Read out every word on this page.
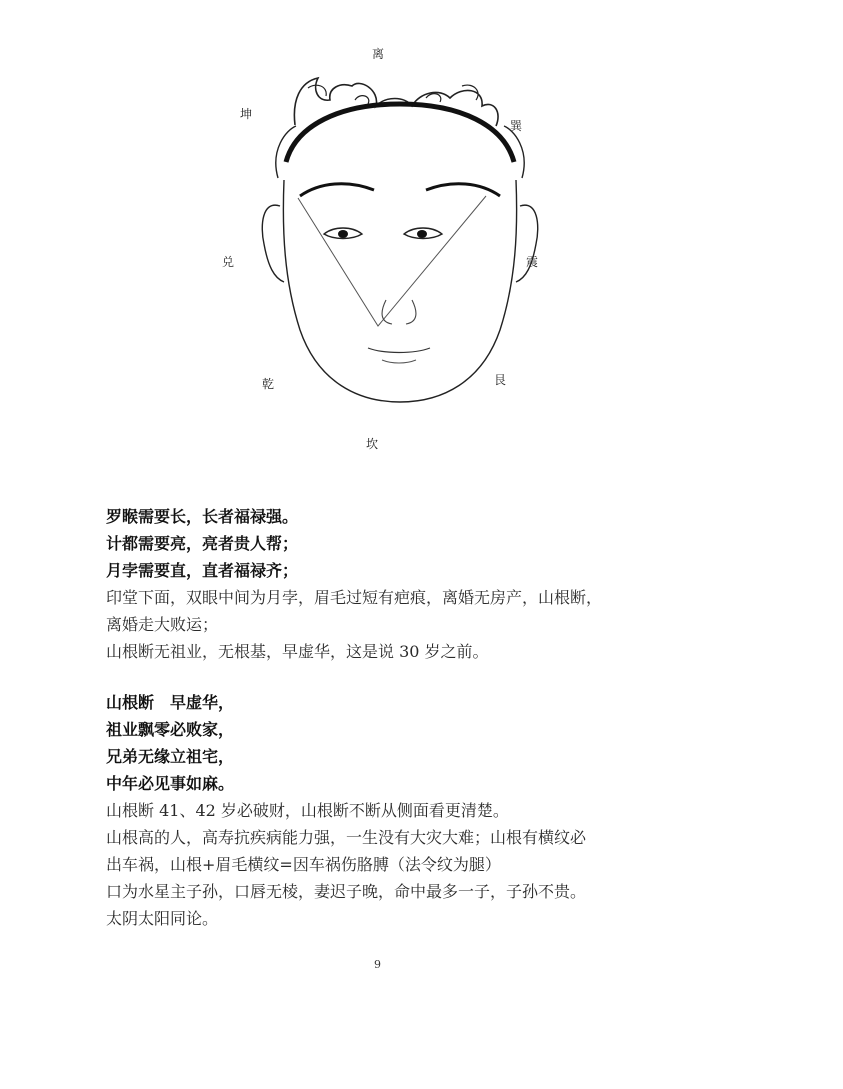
离
坤
巽
兑	震
乾	艮
坎
罗睺需要长，长者福禄强。
计都需要亮，亮者贵人帮；
月孛需要直，直者福禄齐；
印堂下面，双眼中间为月孛，眉毛过短有疤痕，离婚无房产，山根断，
离婚走大败运；
山根断无祖业，无根基，早虚华，这是说 30 岁之前。
山根断　早虚华，
祖业飘零必败家，
兄弟无缘立祖宅，
中年必见事如麻。
山根断 41、42 岁必破财，山根断不断从侧面看更清楚。
山根高的人，高寿抗疾病能力强，一生没有大灾大难；山根有横纹必
出车祸，山根+眉毛横纹=因车祸伤胳膊（法令纹为腿）
口为水星主子孙，口唇无棱，妻迟子晚，命中最多一子，子孙不贵。
太阴太阳同论。
9
